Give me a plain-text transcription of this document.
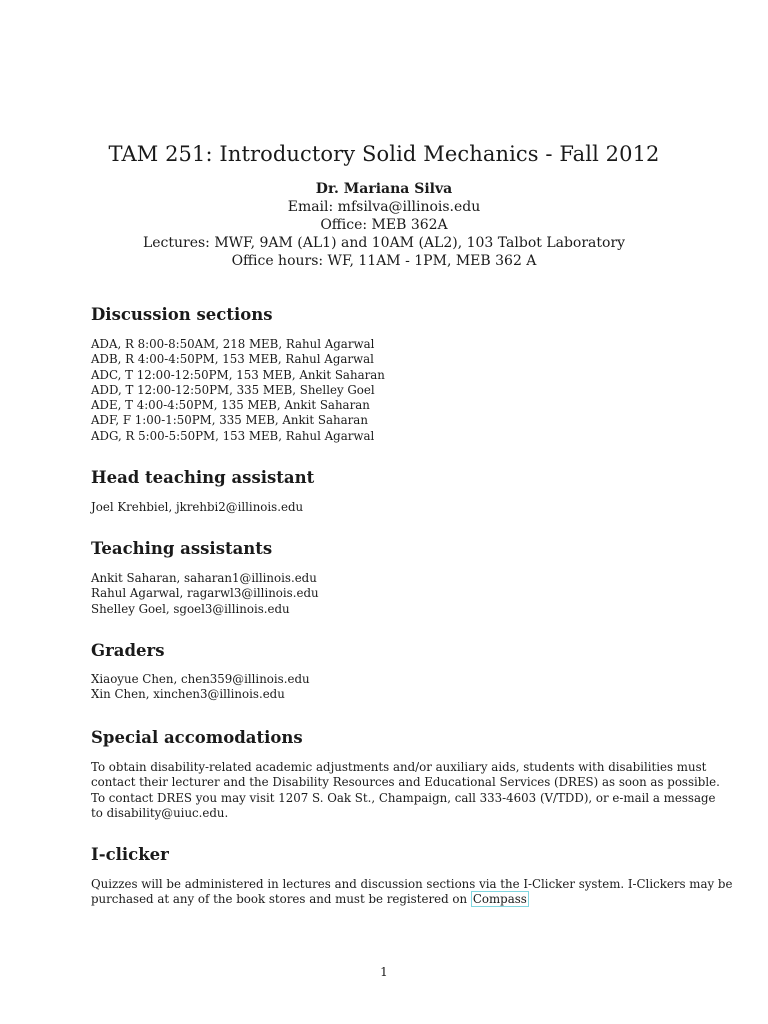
TAM 251: Introductory Solid Mechanics - Fall 2012
Dr. Mariana Silva
Email: mfsilva@illinois.edu
Office: MEB 362A
Lectures: MWF, 9AM (AL1) and 10AM (AL2), 103 Talbot Laboratory
Office hours: WF, 11AM - 1PM, MEB 362 A
Discussion sections
ADA, R 8:00-8:50AM, 218 MEB, Rahul Agarwal
ADB, R 4:00-4:50PM, 153 MEB, Rahul Agarwal
ADC, T 12:00-12:50PM, 153 MEB, Ankit Saharan
ADD, T 12:00-12:50PM, 335 MEB, Shelley Goel
ADE, T 4:00-4:50PM, 135 MEB, Ankit Saharan
ADF, F 1:00-1:50PM, 335 MEB, Ankit Saharan
ADG, R 5:00-5:50PM, 153 MEB, Rahul Agarwal
Head teaching assistant
Joel Krehbiel, jkrehbi2@illinois.edu
Teaching assistants
Ankit Saharan, saharan1@illinois.edu
Rahul Agarwal, ragarwl3@illinois.edu
Shelley Goel, sgoel3@illinois.edu
Graders
Xiaoyue Chen, chen359@illinois.edu
Xin Chen, xinchen3@illinois.edu
Special accomodations
To obtain disability-related academic adjustments and/or auxiliary aids, students with disabilities must
contact their lecturer and the Disability Resources and Educational Services (DRES) as soon as possible.
To contact DRES you may visit 1207 S. Oak St., Champaign, call 333-4603 (V/TDD), or e-mail a message
to disability@uiuc.edu.
I-clicker
Quizzes will be administered in lectures and discussion sections via the I-Clicker system. I-Clickers may be
purchased at any of the book stores and must be registered on Compass
1
